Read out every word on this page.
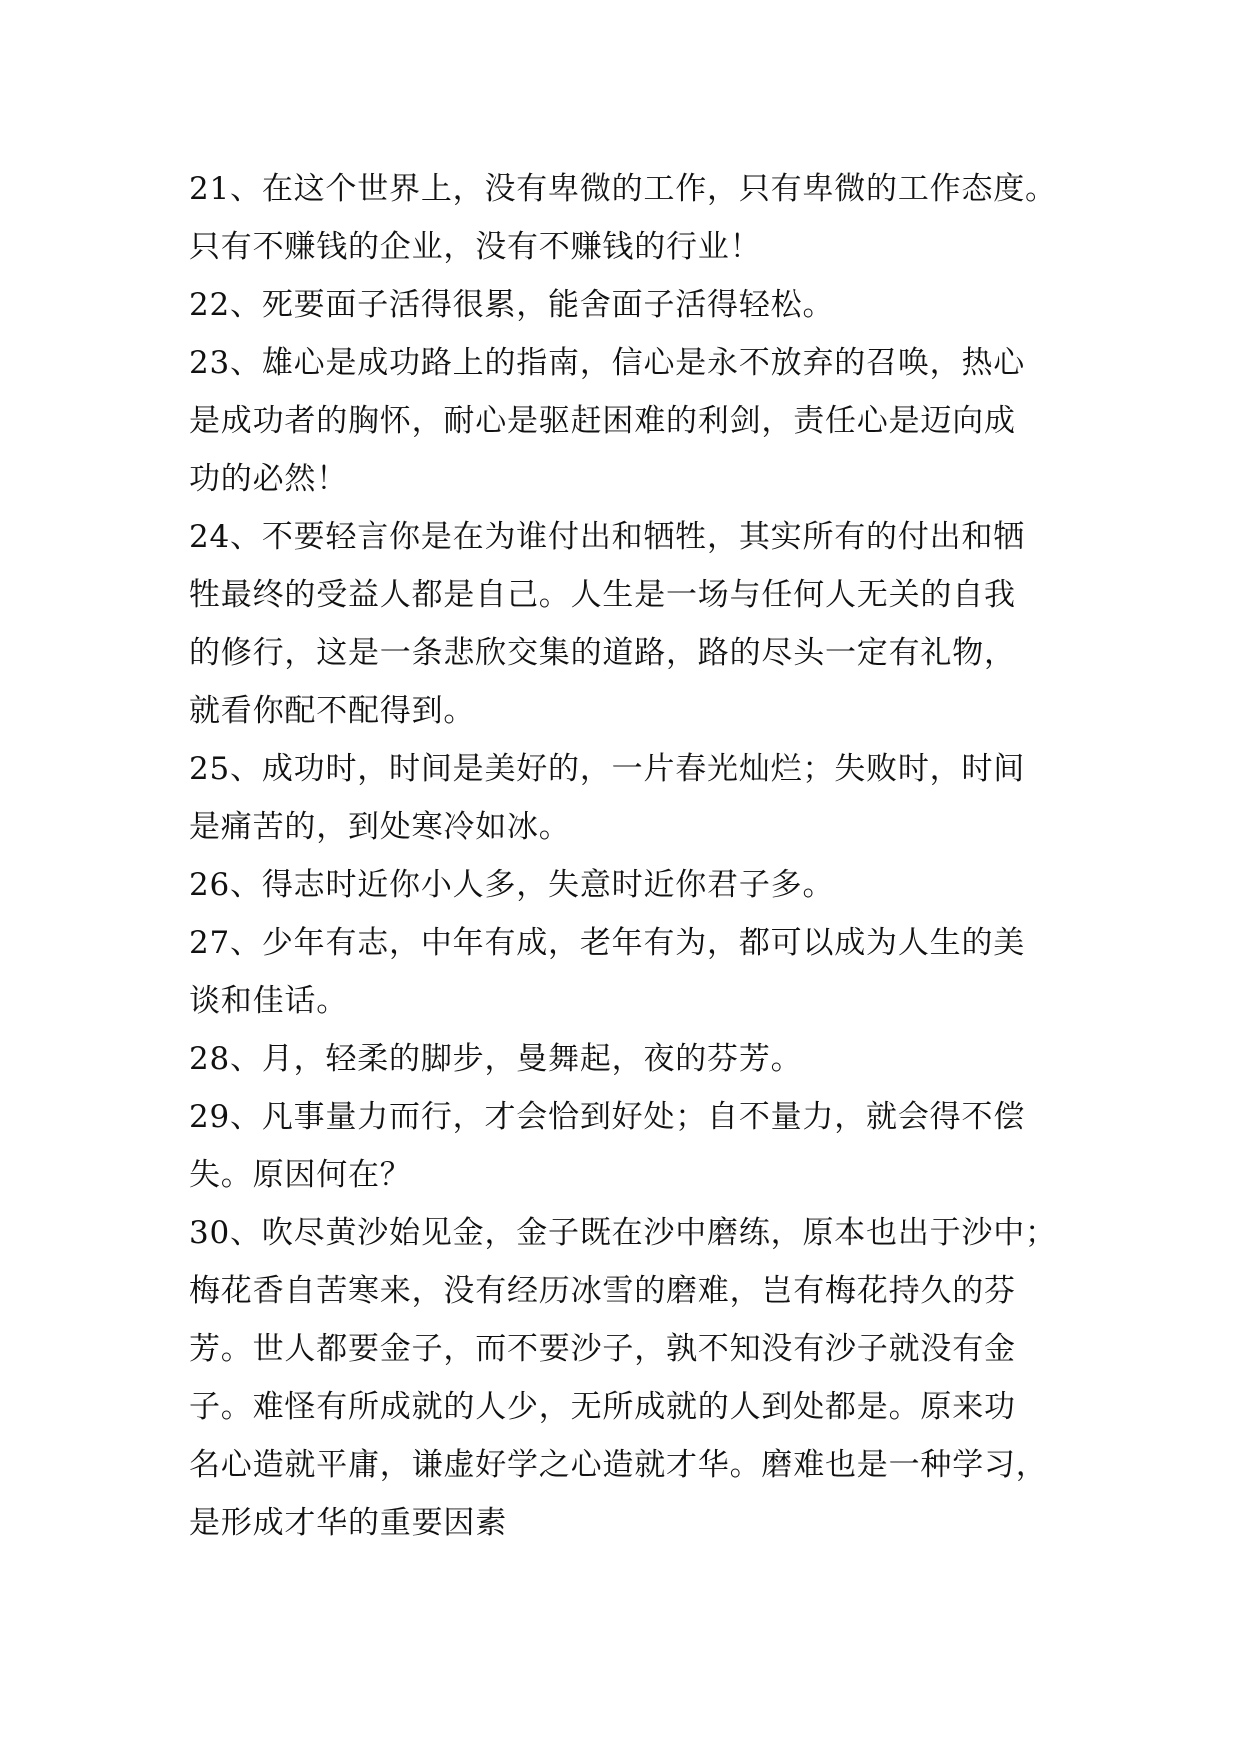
21、在这个世界上，没有卑微的工作，只有卑微的工作态度。
只有不赚钱的企业，没有不赚钱的行业！
22、死要面子活得很累，能舍面子活得轻松。
23、雄心是成功路上的指南，信心是永不放弃的召唤，热心
是成功者的胸怀，耐心是驱赶困难的利剑，责任心是迈向成
功的必然！
24、不要轻言你是在为谁付出和牺牲，其实所有的付出和牺
牲最终的受益人都是自己。人生是一场与任何人无关的自我
的修行，这是一条悲欣交集的道路，路的尽头一定有礼物，
就看你配不配得到。
25、成功时，时间是美好的，一片春光灿烂；失败时，时间
是痛苦的，到处寒冷如冰。
26、得志时近你小人多，失意时近你君子多。
27、少年有志，中年有成，老年有为，都可以成为人生的美
谈和佳话。
28、月，轻柔的脚步，曼舞起，夜的芬芳。
29、凡事量力而行，才会恰到好处；自不量力，就会得不偿
失。原因何在？
30、吹尽黄沙始见金，金子既在沙中磨练，原本也出于沙中；
梅花香自苦寒来，没有经历冰雪的磨难，岂有梅花持久的芬
芳。世人都要金子，而不要沙子，孰不知没有沙子就没有金
子。难怪有所成就的人少，无所成就的人到处都是。原来功
名心造就平庸，谦虚好学之心造就才华。磨难也是一种学习，
是形成才华的重要因素
